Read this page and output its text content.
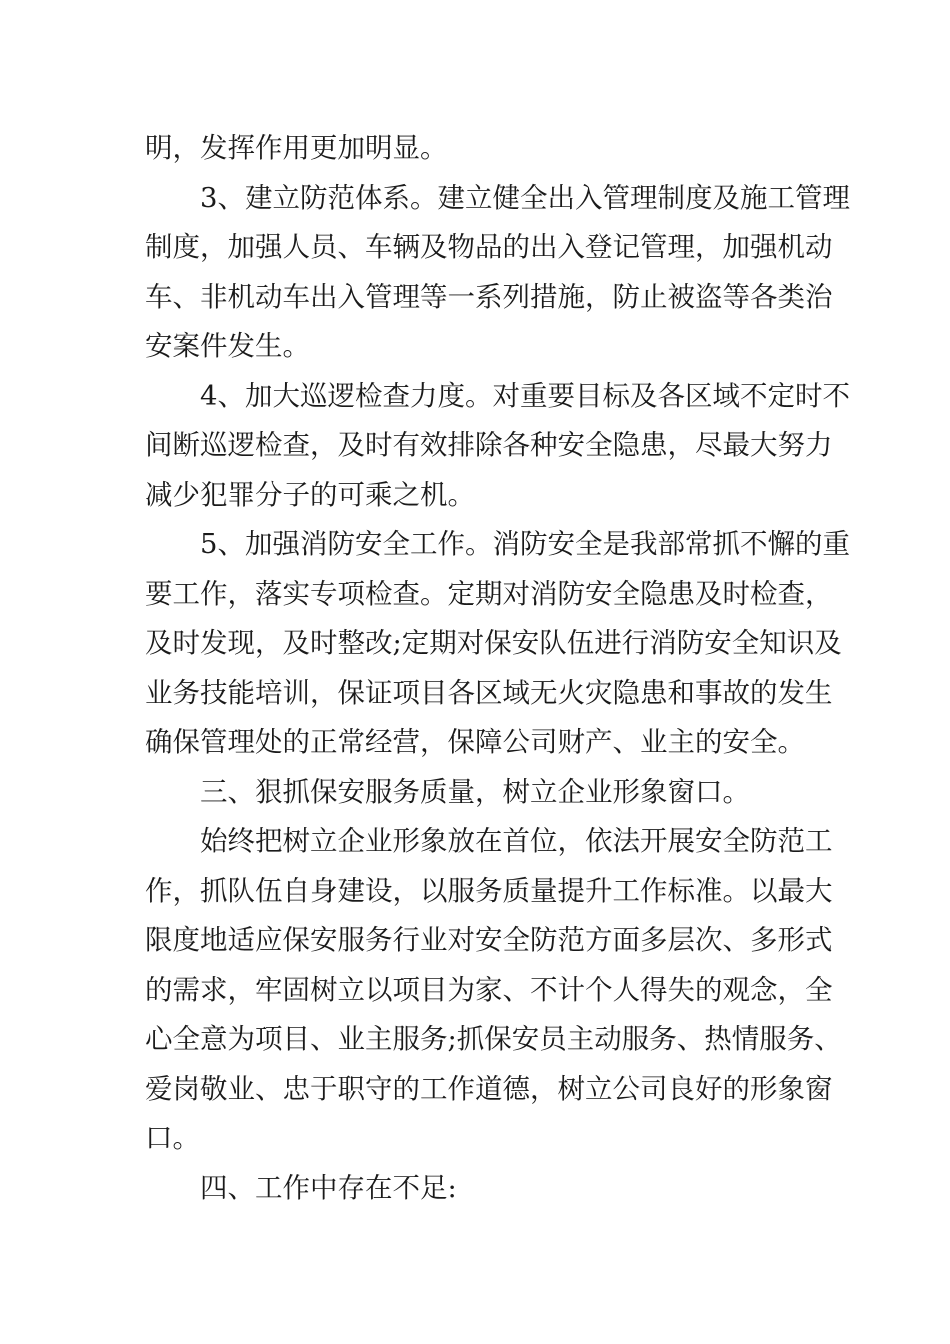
明，发挥作用更加明显。
3、建立防范体系。建立健全出入管理制度及施工管理
制度，加强人员、车辆及物品的出入登记管理，加强机动
车、非机动车出入管理等一系列措施，防止被盗等各类治
安案件发生。
4、加大巡逻检查力度。对重要目标及各区域不定时不
间断巡逻检查，及时有效排除各种安全隐患，尽最大努力
减少犯罪分子的可乘之机。
5、加强消防安全工作。消防安全是我部常抓不懈的重
要工作，落实专项检查。定期对消防安全隐患及时检查，
及时发现，及时整改;定期对保安队伍进行消防安全知识及
业务技能培训，保证项目各区域无火灾隐患和事故的发生
确保管理处的正常经营，保障公司财产、业主的安全。
三、狠抓保安服务质量，树立企业形象窗口。
始终把树立企业形象放在首位，依法开展安全防范工
作，抓队伍自身建设，以服务质量提升工作标准。以最大
限度地适应保安服务行业对安全防范方面多层次、多形式
的需求，牢固树立以项目为家、不计个人得失的观念，全
心全意为项目、业主服务;抓保安员主动服务、热情服务、
爱岗敬业、忠于职守的工作道德，树立公司良好的形象窗
口。
四、工作中存在不足:
